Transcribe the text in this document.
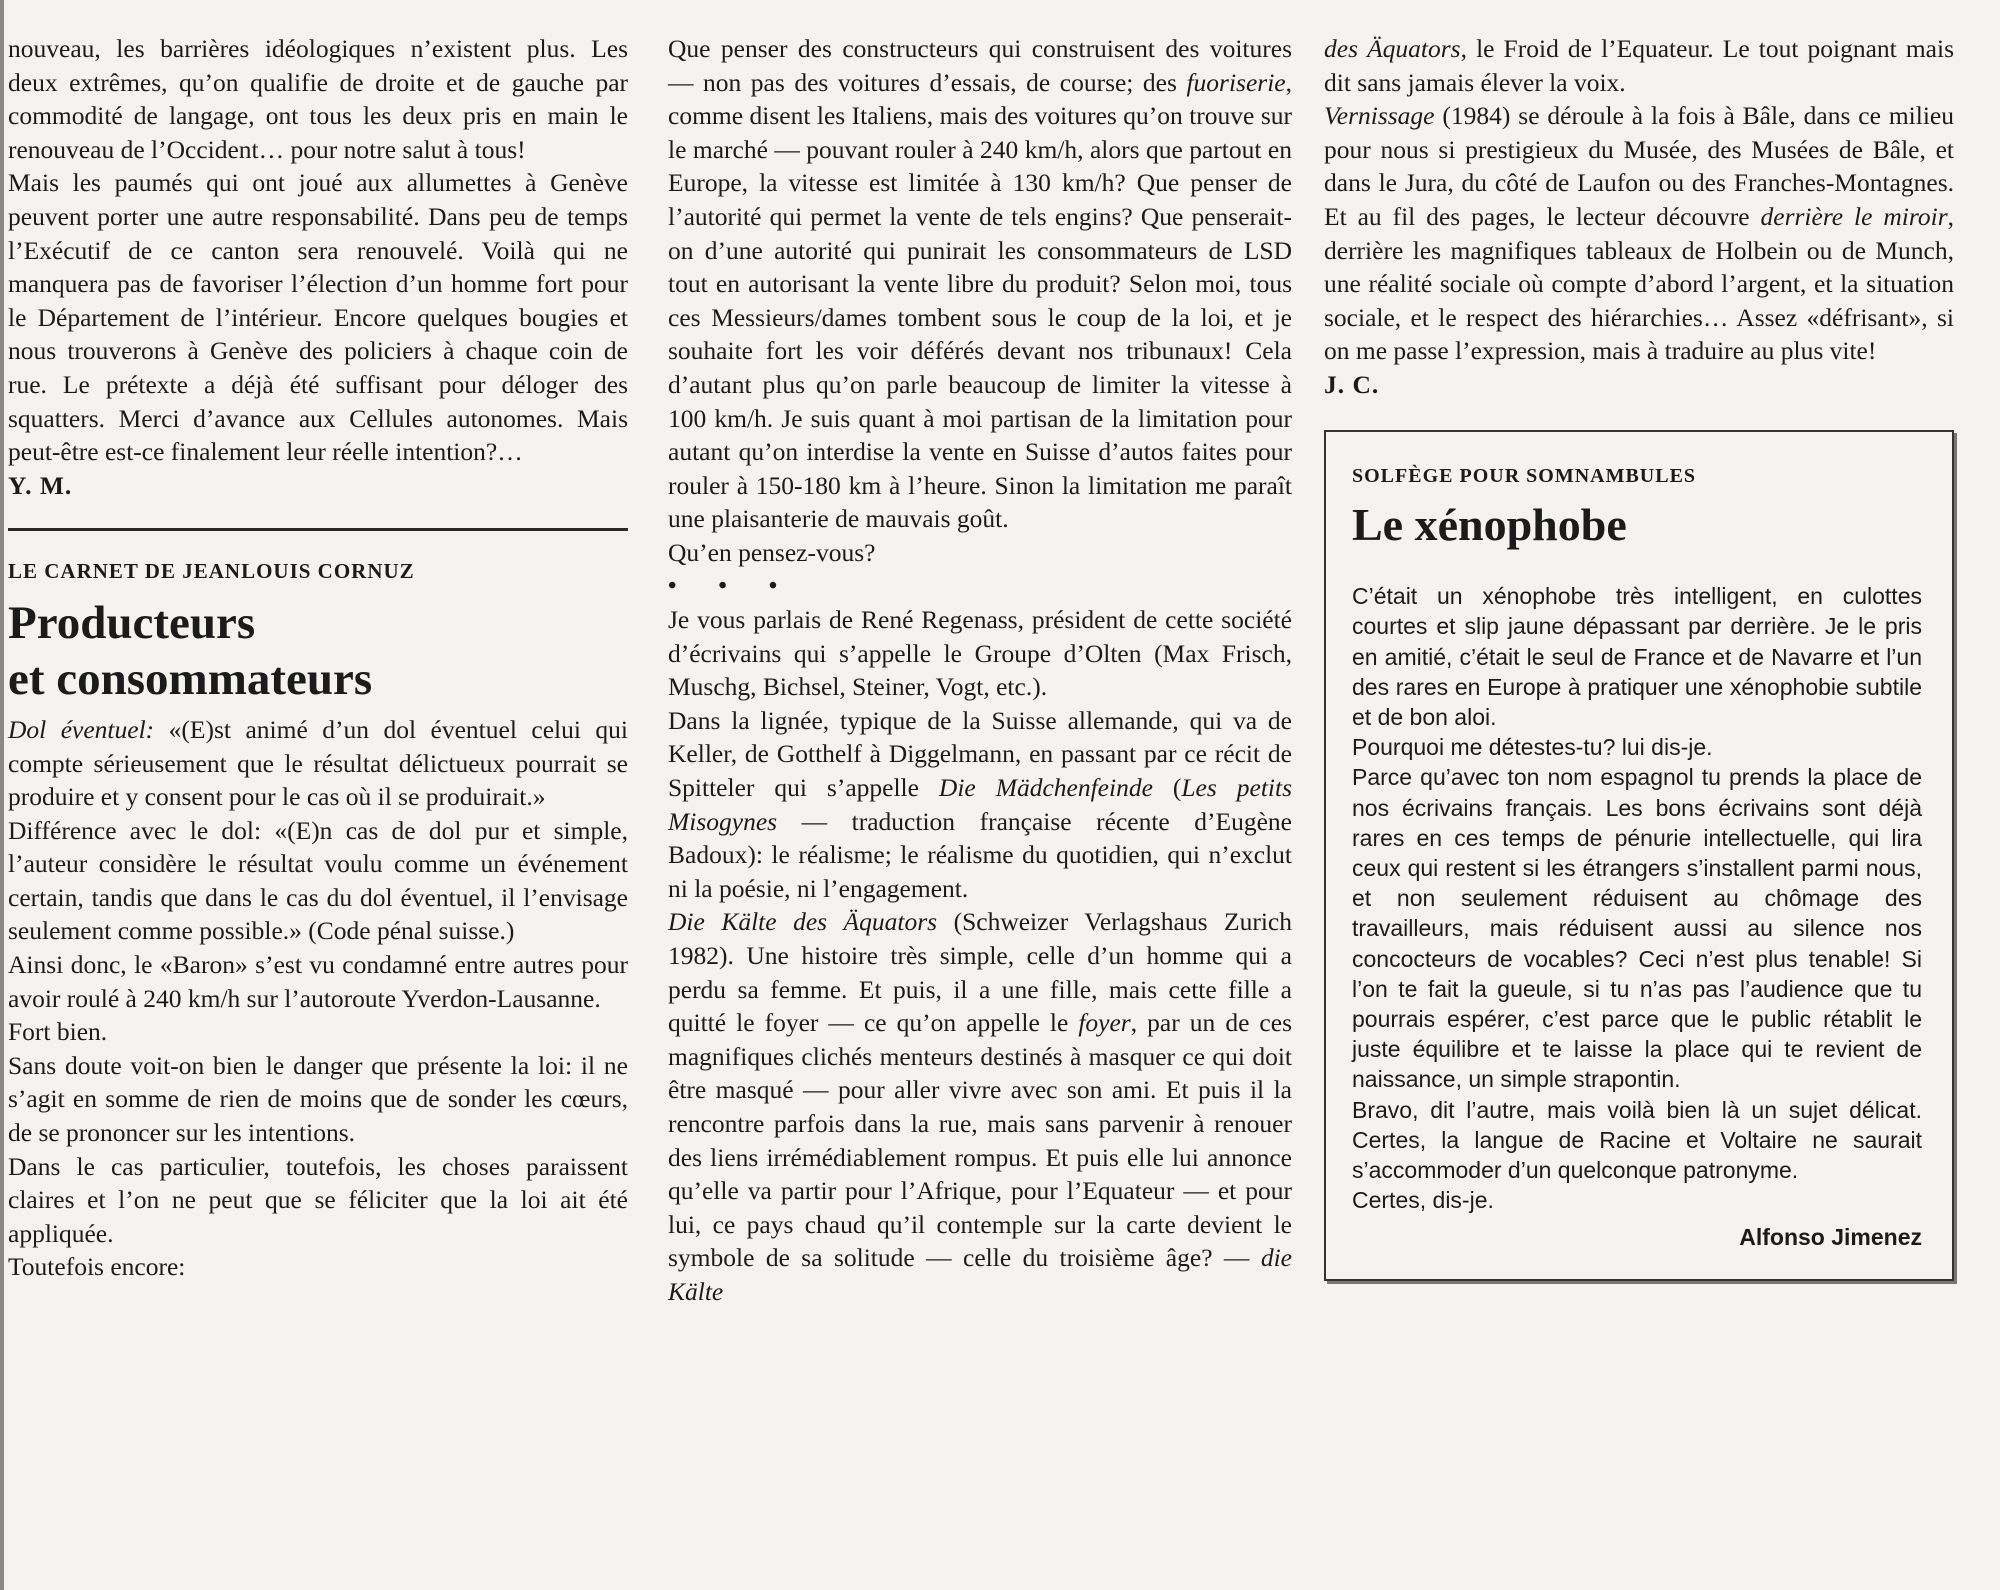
nouveau, les barrières idéologiques n’existent plus. Les deux extrêmes, qu’on qualifie de droite et de gauche par commodité de langage, ont tous les deux pris en main le renouveau de l’Occident… pour notre salut à tous!

Mais les paumés qui ont joué aux allumettes à Genève peuvent porter une autre responsabilité. Dans peu de temps l’Exécutif de ce canton sera renouvelé. Voilà qui ne manquera pas de favoriser l’élection d’un homme fort pour le Département de l’intérieur. Encore quelques bougies et nous trouverons à Genève des policiers à chaque coin de rue. Le prétexte a déjà été suffisant pour déloger des squatters. Merci d’avance aux Cellules autonomes. Mais peut-être est-ce finalement leur réelle intention?…

Y. M.

LE CARNET DE JEANLOUIS CORNUZ

Producteurs
et consommateurs

Dol éventuel: «(E)st animé d’un dol éventuel celui qui compte sérieusement que le résultat délictueux pourrait se produire et y consent pour le cas où il se produirait.»

Différence avec le dol: «(E)n cas de dol pur et simple, l’auteur considère le résultat voulu comme un événement certain, tandis que dans le cas du dol éventuel, il l’envisage seulement comme possible.» (Code pénal suisse.)

Ainsi donc, le «Baron» s’est vu condamné entre autres pour avoir roulé à 240 km/h sur l’autoroute Yverdon-Lausanne.

Fort bien.

Sans doute voit-on bien le danger que présente la loi: il ne s’agit en somme de rien de moins que de sonder les cœurs, de se prononcer sur les intentions.

Dans le cas particulier, toutefois, les choses paraissent claires et l’on ne peut que se féliciter que la loi ait été appliquée.

Toutefois encore:

Que penser des constructeurs qui construisent des voitures — non pas des voitures d’essais, de course; des fuoriserie, comme disent les Italiens, mais des voitures qu’on trouve sur le marché — pouvant rouler à 240 km/h, alors que partout en Europe, la vitesse est limitée à 130 km/h? Que penser de l’autorité qui permet la vente de tels engins? Que penserait-on d’une autorité qui punirait les consommateurs de LSD tout en autorisant la vente libre du produit? Selon moi, tous ces Messieurs/dames tombent sous le coup de la loi, et je souhaite fort les voir déférés devant nos tribunaux! Cela d’autant plus qu’on parle beaucoup de limiter la vitesse à 100 km/h. Je suis quant à moi partisan de la limitation pour autant qu’on interdise la vente en Suisse d’autos faites pour rouler à 150-180 km à l’heure. Sinon la limitation me paraît une plaisanterie de mauvais goût.

Qu’en pensez-vous?

• • •

Je vous parlais de René Regenass, président de cette société d’écrivains qui s’appelle le Groupe d’Olten (Max Frisch, Muschg, Bichsel, Steiner, Vogt, etc.).

Dans la lignée, typique de la Suisse allemande, qui va de Keller, de Gotthelf à Diggelmann, en passant par ce récit de Spitteler qui s’appelle Die Mädchenfeinde (Les petits Misogynes — traduction française récente d’Eugène Badoux): le réalisme; le réalisme du quotidien, qui n’exclut ni la poésie, ni l’engagement.

Die Kälte des Äquators (Schweizer Verlagshaus Zurich 1982). Une histoire très simple, celle d’un homme qui a perdu sa femme. Et puis, il a une fille, mais cette fille a quitté le foyer — ce qu’on appelle le foyer, par un de ces magnifiques clichés menteurs destinés à masquer ce qui doit être masqué — pour aller vivre avec son ami. Et puis il la rencontre parfois dans la rue, mais sans parvenir à renouer des liens irrémédiablement rompus. Et puis elle lui annonce qu’elle va partir pour l’Afrique, pour l’Equateur — et pour lui, ce pays chaud qu’il contemple sur la carte devient le symbole de sa solitude — celle du troisième âge? — die Kälte

des Äquators, le Froid de l’Equateur. Le tout poignant mais dit sans jamais élever la voix.

Vernissage (1984) se déroule à la fois à Bâle, dans ce milieu pour nous si prestigieux du Musée, des Musées de Bâle, et dans le Jura, du côté de Laufon ou des Franches-Montagnes. Et au fil des pages, le lecteur découvre derrière le miroir, derrière les magnifiques tableaux de Holbein ou de Munch, une réalité sociale où compte d’abord l’argent, et la situation sociale, et le respect des hiérarchies… Assez «défrisant», si on me passe l’expression, mais à traduire au plus vite!

J. C.

SOLFÈGE POUR SOMNAMBULES

Le xénophobe

C’était un xénophobe très intelligent, en culottes courtes et slip jaune dépassant par derrière. Je le pris en amitié, c’était le seul de France et de Navarre et l’un des rares en Europe à pratiquer une xénophobie subtile et de bon aloi.

Pourquoi me détestes-tu? lui dis-je.

Parce qu’avec ton nom espagnol tu prends la place de nos écrivains français. Les bons écrivains sont déjà rares en ces temps de pénurie intellectuelle, qui lira ceux qui restent si les étrangers s’installent parmi nous, et non seulement réduisent au chômage des travailleurs, mais réduisent aussi au silence nos concocteurs de vocables? Ceci n’est plus tenable! Si l’on te fait la gueule, si tu n’as pas l’audience que tu pourrais espérer, c’est parce que le public rétablit le juste équilibre et te laisse la place qui te revient de naissance, un simple strapontin.

Bravo, dit l’autre, mais voilà bien là un sujet délicat. Certes, la langue de Racine et Voltaire ne saurait s’accommoder d’un quelconque patronyme.

Certes, dis-je.

Alfonso Jimenez
